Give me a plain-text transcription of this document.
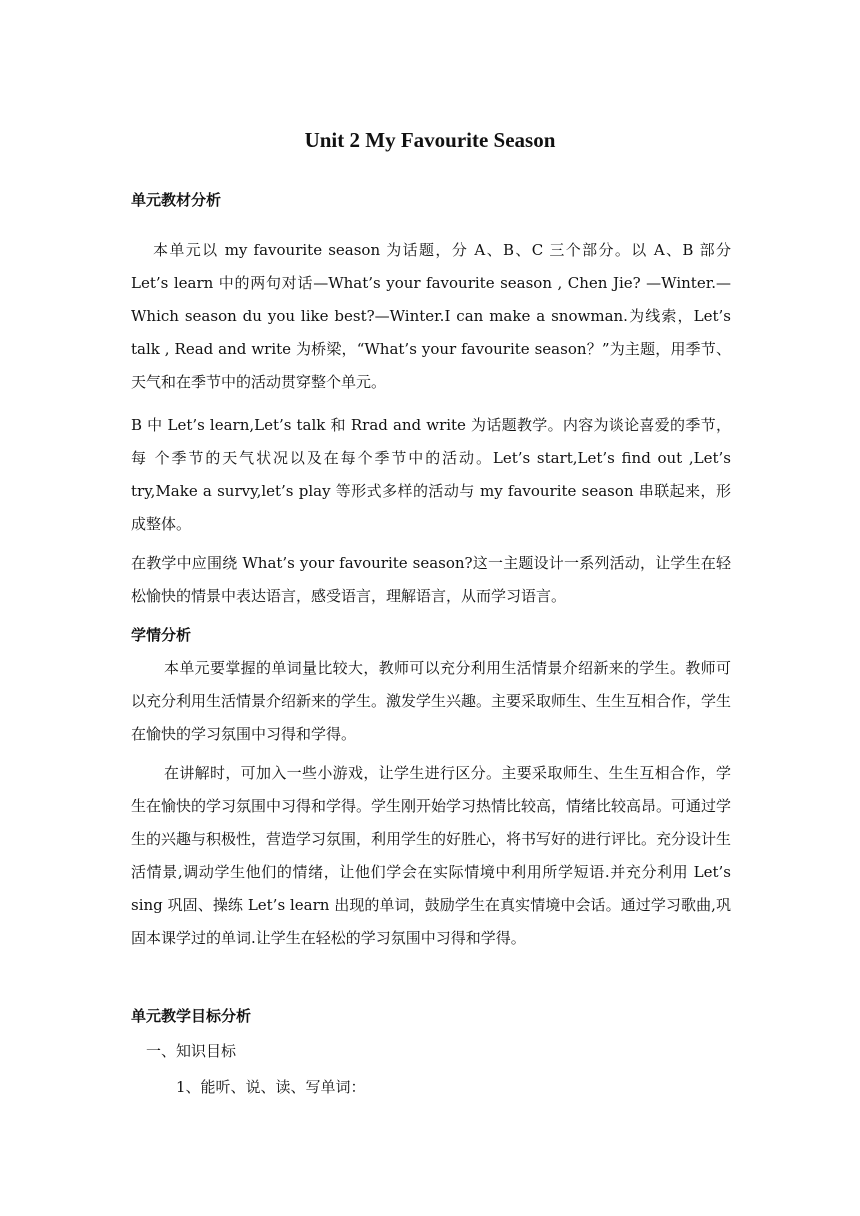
Unit 2 My Favourite Season
单元教材分析

本单元以 my favourite season 为话题，分 A、B、C 三个部分。以 A、B 部分 Let’s learn 中的两句对话—What’s your favourite season , Chen Jie? —Winter.—Which season du you like best?—Winter.I can make a snowman.为线索，Let’s talk , Read and write 为桥梁，“What’s your favourite season？”为主题，用季节、天气和在季节中的活动贯穿整个单元。

B 中 Let’s learn,Let’s talk 和 Rrad and write 为话题教学。内容为谈论喜爱的季节，每 个季节的天气状况以及在每个季节中的活动。Let’s start,Let’s find out ,Let’s try,Make a survy,let’s play 等形式多样的活动与 my favourite season 串联起来，形成整体。

在教学中应围绕 What’s your favourite season?这一主题设计一系列活动，让学生在轻松愉快的情景中表达语言，感受语言，理解语言，从而学习语言。

学情分析

本单元要掌握的单词量比较大，教师可以充分利用生活情景介绍新来的学生。教师可以充分利用生活情景介绍新来的学生。激发学生兴趣。主要采取师生、生生互相合作，学生在愉快的学习氛围中习得和学得。

在讲解时，可加入一些小游戏，让学生进行区分。主要采取师生、生生互相合作，学生在愉快的学习氛围中习得和学得。学生刚开始学习热情比较高，情绪比较高昂。可通过学生的兴趣与积极性，营造学习氛围，利用学生的好胜心，将书写好的进行评比。充分设计生活情景,调动学生他们的情绪，让他们学会在实际情境中利用所学短语.并充分利用 Let’s sing 巩固、操练 Let’s learn 出现的单词，鼓励学生在真实情境中会话。通过学习歌曲,巩固本课学过的单词.让学生在轻松的学习氛围中习得和学得。

单元教学目标分析

一、知识目标

1、能听、说、读、写单词：
